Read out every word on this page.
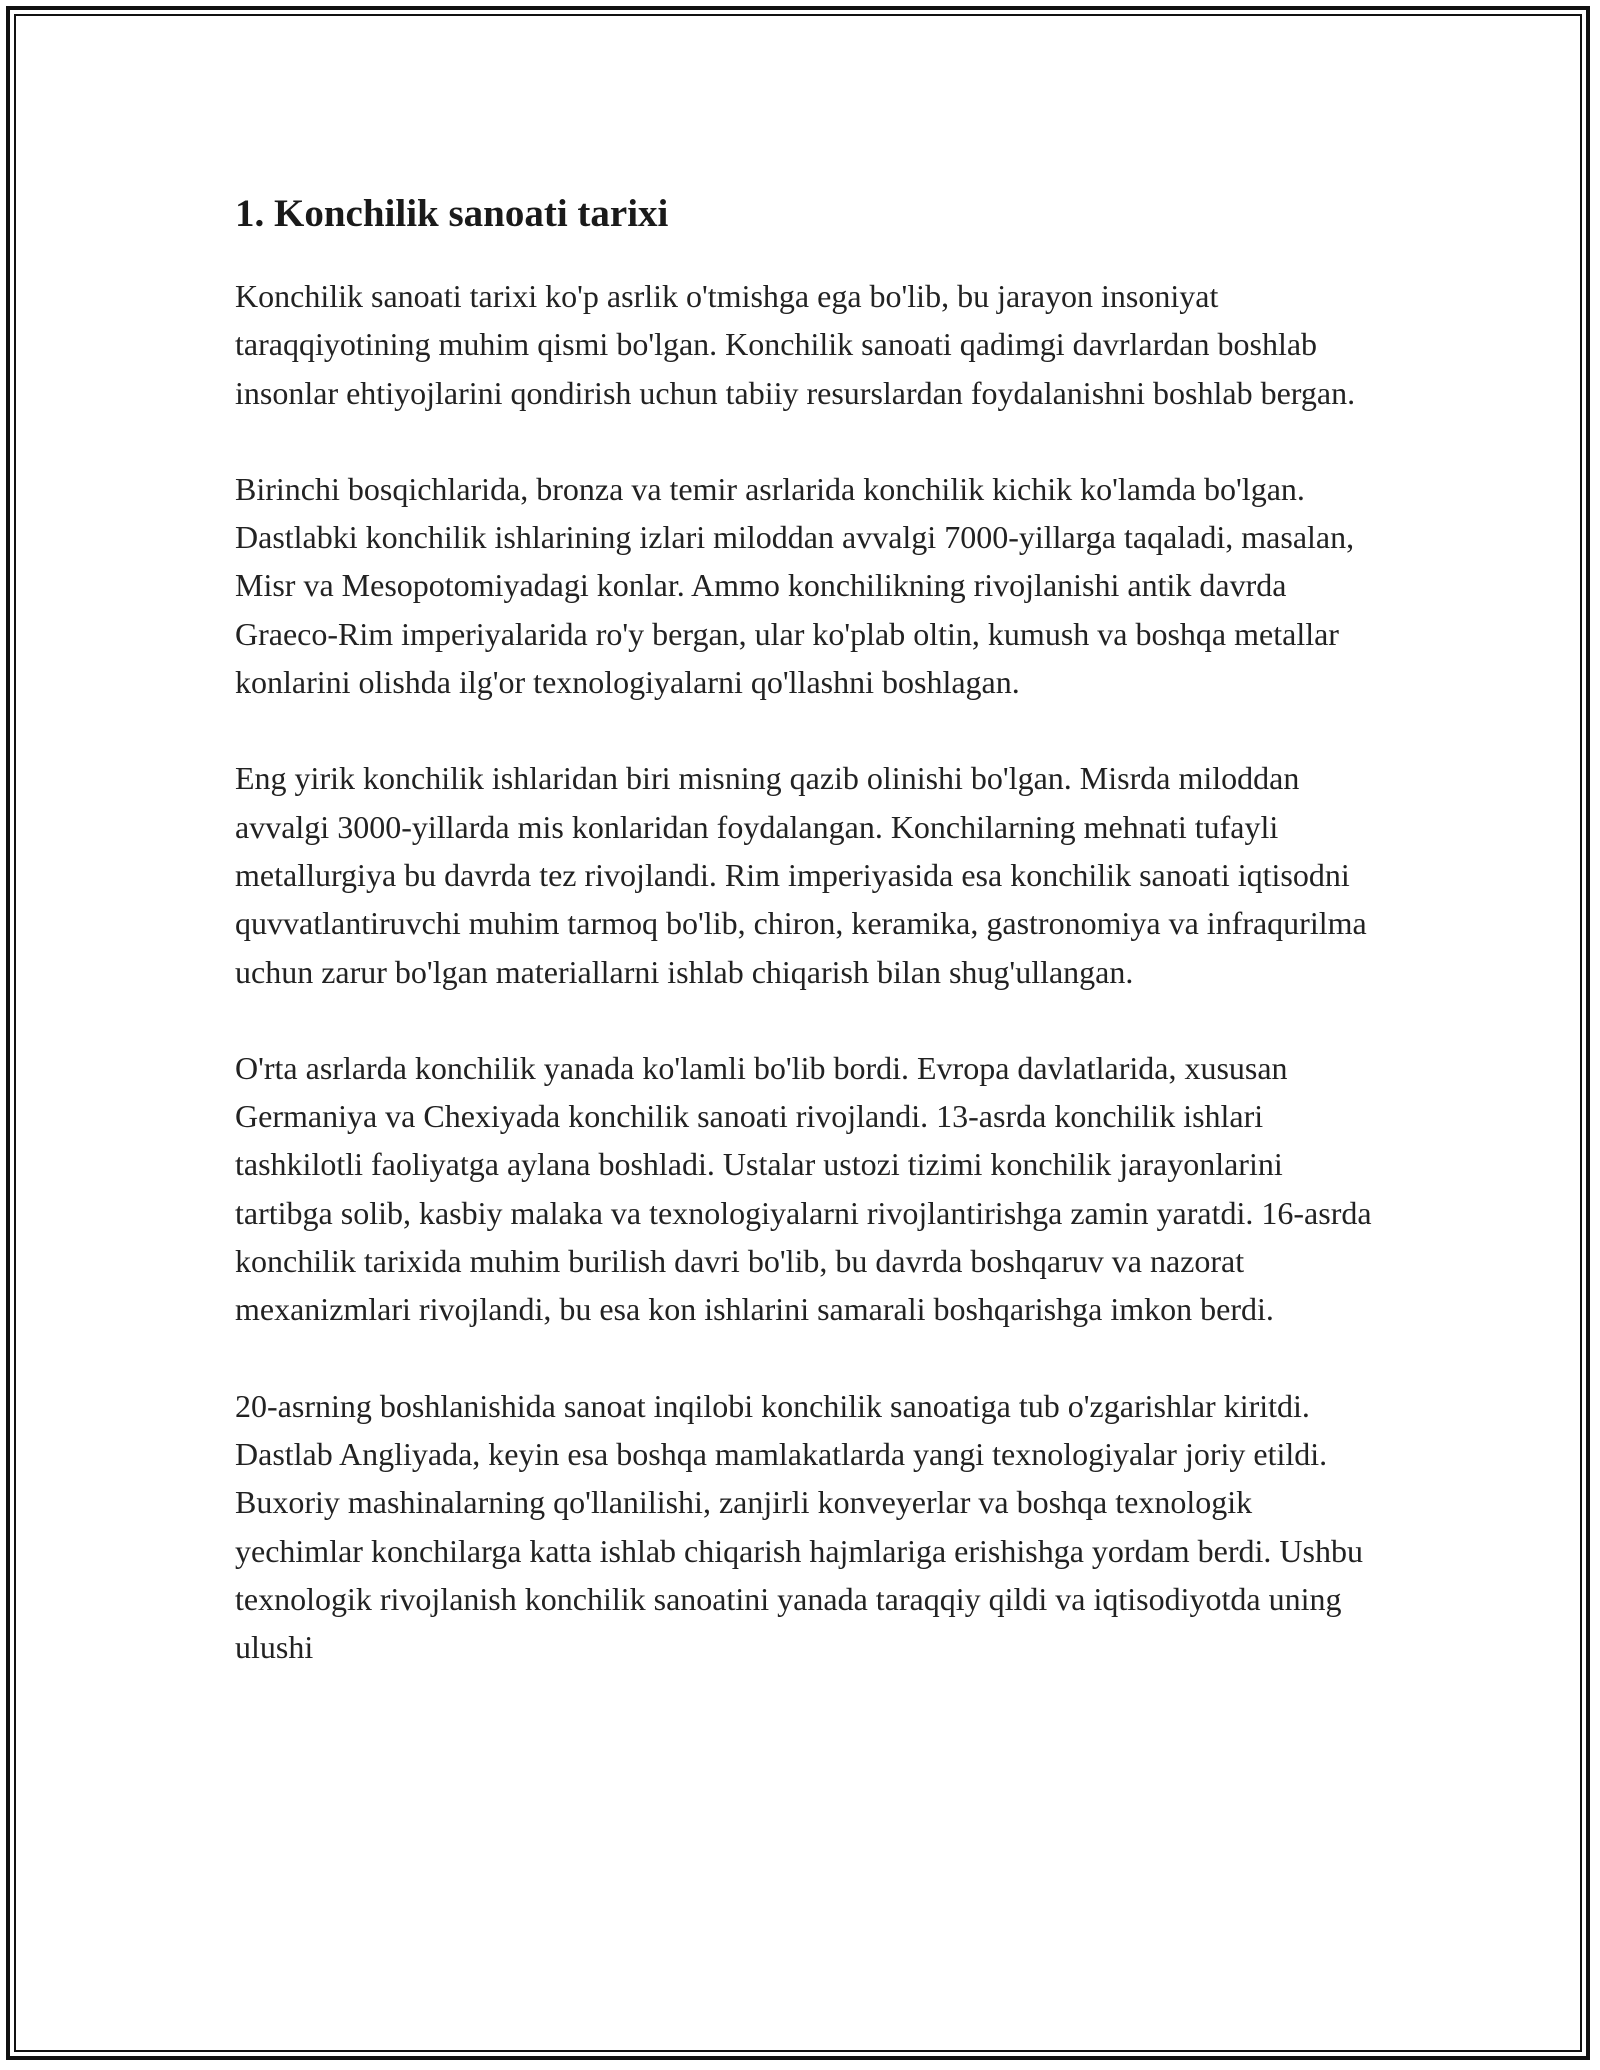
1. Konchilik sanoati tarixi

Konchilik sanoati tarixi ko'p asrlik o'tmishga ega bo'lib, bu jarayon insoniyat taraqqiyotining muhim qismi bo'lgan. Konchilik sanoati qadimgi davrlardan boshlab insonlar ehtiyojlarini qondirish uchun tabiiy resurslardan foydalanishni boshlab bergan.

Birinchi bosqichlarida, bronza va temir asrlarida konchilik kichik ko'lamda bo'lgan. Dastlabki konchilik ishlarining izlari miloddan avvalgi 7000-yillarga taqaladi, masalan, Misr va Mesopotomiyadagi konlar. Ammo konchilikning rivojlanishi antik davrda Graeco-Rim imperiyalarida ro'y bergan, ular ko'plab oltin, kumush va boshqa metallar konlarini olishda ilg'or texnologiyalarni qo'llashni boshlagan.

Eng yirik konchilik ishlaridan biri misning qazib olinishi bo'lgan. Misrda miloddan avvalgi 3000-yillarda mis konlaridan foydalangan. Konchilarning mehnati tufayli metallurgiya bu davrda tez rivojlandi. Rim imperiyasida esa konchilik sanoati iqtisodni quvvatlantiruvchi muhim tarmoq bo'lib, chiron, keramika, gastronomiya va infraqurilma uchun zarur bo'lgan materiallarni ishlab chiqarish bilan shug'ullangan.

O'rta asrlarda konchilik yanada ko'lamli bo'lib bordi. Evropa davlatlarida, xususan Germaniya va Chexiyada konchilik sanoati rivojlandi. 13-asrda konchilik ishlari tashkilotli faoliyatga aylana boshladi. Ustalar ustozi tizimi konchilik jarayonlarini tartibga solib, kasbiy malaka va texnologiyalarni rivojlantirishga zamin yaratdi. 16-asrda konchilik tarixida muhim burilish davri bo'lib, bu davrda boshqaruv va nazorat mexanizmlari rivojlandi, bu esa kon ishlarini samarali boshqarishga imkon berdi.

20-asrning boshlanishida sanoat inqilobi konchilik sanoatiga tub o'zgarishlar kiritdi. Dastlab Angliyada, keyin esa boshqa mamlakatlarda yangi texnologiyalar joriy etildi. Buxoriy mashinalarning qo'llanilishi, zanjirli konveyerlar va boshqa texnologik yechimlar konchilarga katta ishlab chiqarish hajmlariga erishishga yordam berdi. Ushbu texnologik rivojlanish konchilik sanoatini yanada taraqqiy qildi va iqtisodiyotda uning ulushi
